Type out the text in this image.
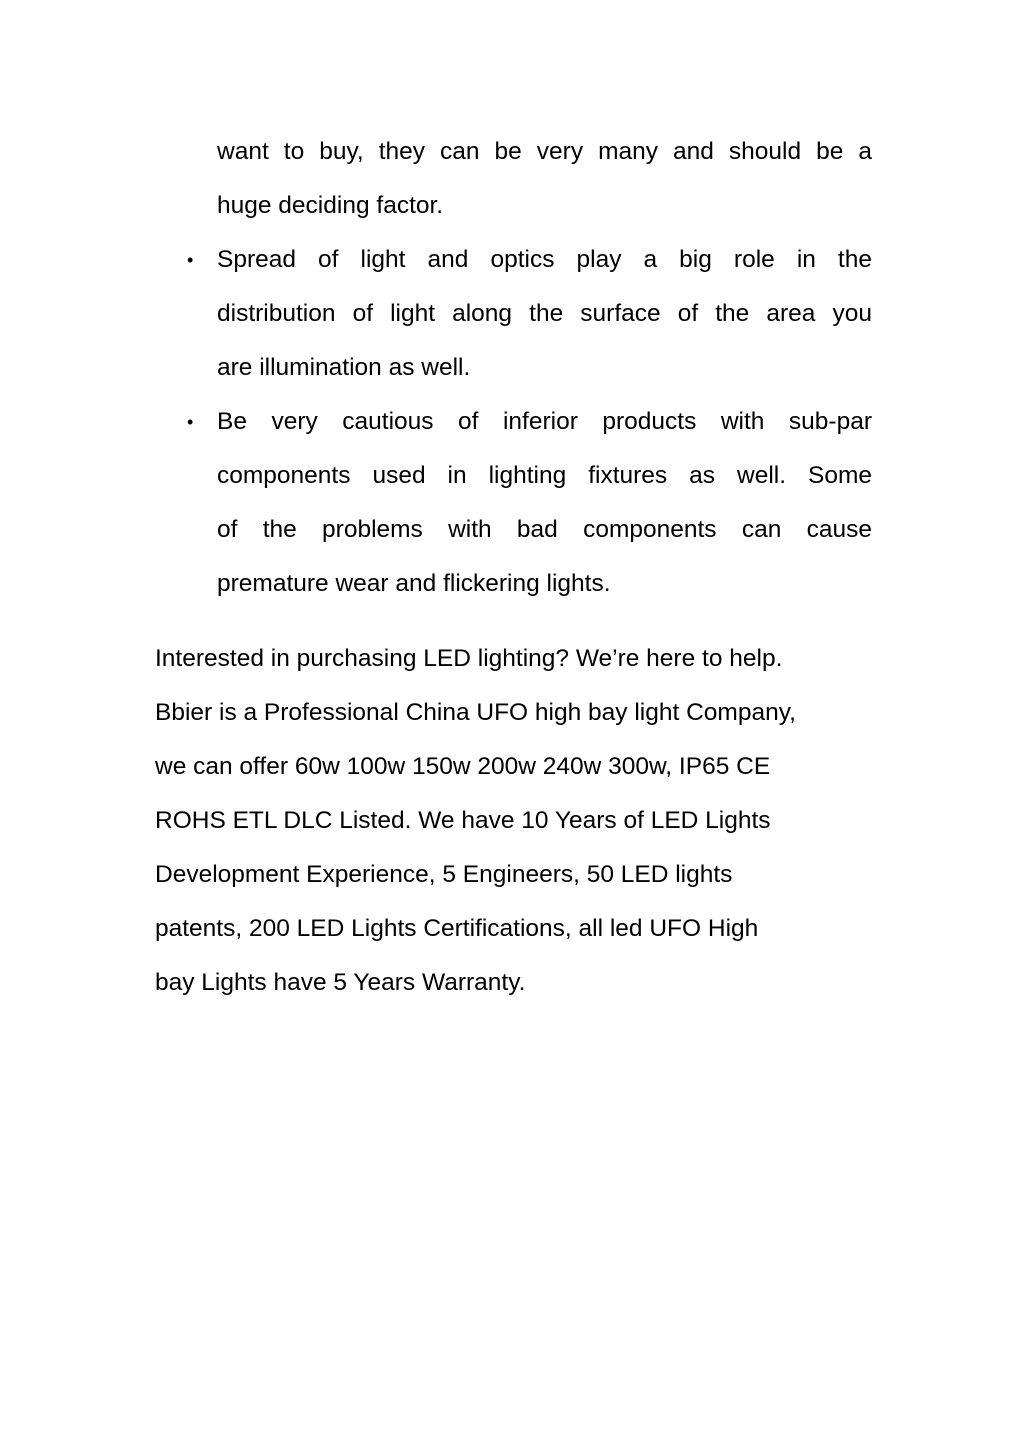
want to buy, they can be very many and should be a
huge deciding factor.
• Spread of light and optics play a big role in the
distribution of light along the surface of the area you
are illumination as well.
• Be very cautious of inferior products with sub-par
components used in lighting fixtures as well. Some
of the problems with bad components can cause
premature wear and flickering lights.
Interested in purchasing LED lighting? We’re here to help.
Bbier is a Professional China UFO high bay light Company,
we can offer 60w 100w 150w 200w 240w 300w, IP65 CE
ROHS ETL DLC Listed. We have 10 Years of LED Lights
Development Experience, 5 Engineers, 50 LED lights
patents, 200 LED Lights Certifications, all led UFO High
bay Lights have 5 Years Warranty.
